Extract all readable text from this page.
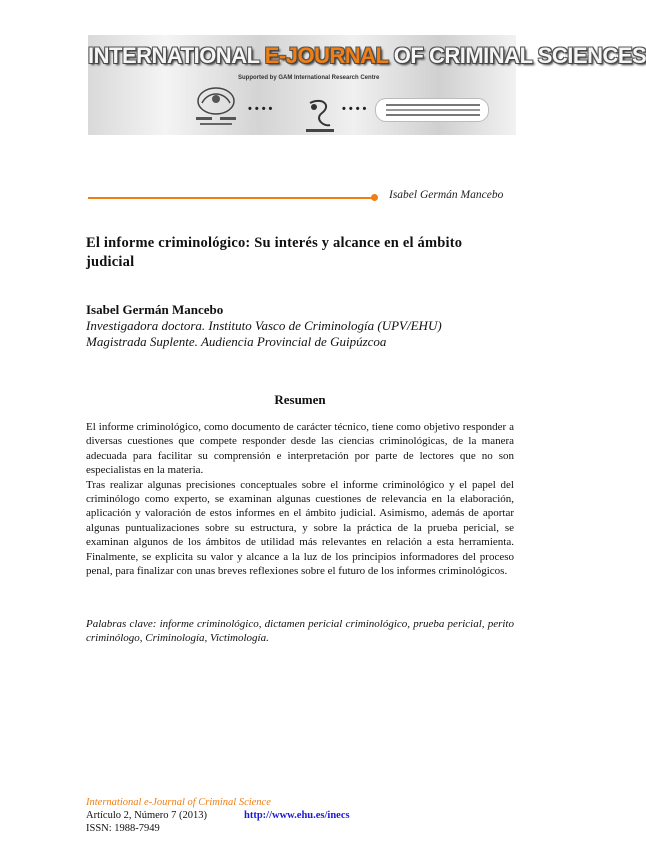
INTERNATIONAL E-JOURNAL OF CRIMINAL SCIENCES
Supported by GAM International Research Centre
••••	••••
Isabel Germán Mancebo
El informe criminológico: Su interés y alcance en el ámbito judicial
Isabel Germán Mancebo
Investigadora doctora. Instituto Vasco de Criminología (UPV/EHU)
Magistrada Suplente. Audiencia Provincial de Guipúzcoa
Resumen

El informe criminológico, como documento de carácter técnico, tiene como objetivo responder a diversas cuestiones que compete responder desde las ciencias criminológicas, de la manera adecuada para facilitar su comprensión e interpretación por parte de lectores que no son especialistas en la materia.

Tras realizar algunas precisiones conceptuales sobre el informe criminológico y el papel del criminólogo como experto, se examinan algunas cuestiones de relevancia en la elaboración, aplicación y valoración de estos informes en el ámbito judicial. Asimismo, además de aportar algunas puntualizaciones sobre su estructura, y sobre la práctica de la prueba pericial, se examinan algunos de los ámbitos de utilidad más relevantes en relación a esta herramienta. Finalmente, se explicita su valor y alcance a la luz de los principios informadores del proceso penal, para finalizar con unas breves reflexiones sobre el futuro de los informes criminológicos.

Palabras clave: informe criminológico, dictamen pericial criminológico, prueba pericial, perito criminólogo, Criminología, Victimología.

International e-Journal of Criminal Science
Artículo 2, Número 7 (2013)	http://www.ehu.es/inecs
ISSN: 1988-7949
